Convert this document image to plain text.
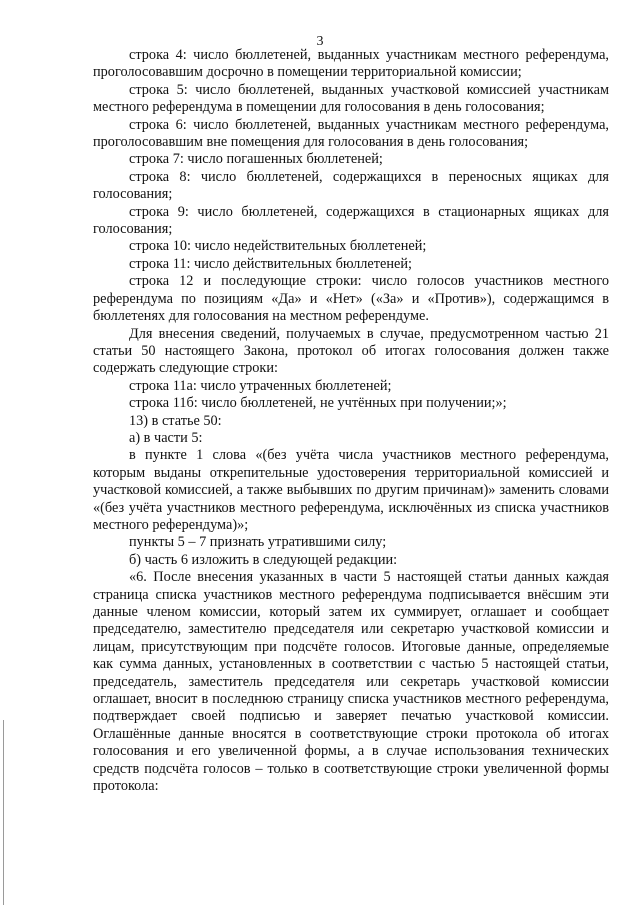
3

строка 4: число бюллетеней, выданных участникам местного референдума, проголосовавшим досрочно в помещении территориальной комиссии;

строка 5: число бюллетеней, выданных участковой комиссией участникам местного референдума в помещении для голосования в день голосования;

строка 6: число бюллетеней, выданных участникам местного референдума, проголосовавшим вне помещения для голосования в день голосования;

строка 7: число погашенных бюллетеней;

строка 8: число бюллетеней, содержащихся в переносных ящиках для голосования;

строка 9: число бюллетеней, содержащихся в стационарных ящиках для голосования;

строка 10: число недействительных бюллетеней;

строка 11: число действительных бюллетеней;

строка 12 и последующие строки: число голосов участников местного референдума по позициям «Да» и «Нет» («За» и «Против»), содержащимся в бюллетенях для голосования на местном референдуме.

Для внесения сведений, получаемых в случае, предусмотренном частью 21 статьи 50 настоящего Закона, протокол об итогах голосования должен также содержать следующие строки:

строка 11а: число утраченных бюллетеней;

строка 11б: число бюллетеней, не учтённых при получении;»;

13) в статье 50:

а) в части 5:

в пункте 1 слова «(без учёта числа участников местного референдума, которым выданы открепительные удостоверения территориальной комиссией и участковой комиссией, а также выбывших по другим причинам)» заменить словами «(без учёта участников местного референдума, исключённых из списка участников местного референдума)»;

пункты 5 – 7 признать утратившими силу;

б) часть 6 изложить в следующей редакции:

«6. После внесения указанных в части 5 настоящей статьи данных каждая страница списка участников местного референдума подписывается внёсшим эти данные членом комиссии, который затем их суммирует, оглашает и сообщает председателю, заместителю председателя или секретарю участковой комиссии и лицам, присутствующим при подсчёте голосов. Итоговые данные, определяемые как сумма данных, установленных в соответствии с частью 5 настоящей статьи, председатель, заместитель председателя или секретарь участковой комиссии оглашает, вносит в последнюю страницу списка участников местного референдума, подтверждает своей подписью и заверяет печатью участковой комиссии. Оглашённые данные вносятся в соответствующие строки протокола об итогах голосования и его увеличенной формы, а в случае использования технических средств подсчёта голосов – только в соответствующие строки увеличенной формы протокола:
